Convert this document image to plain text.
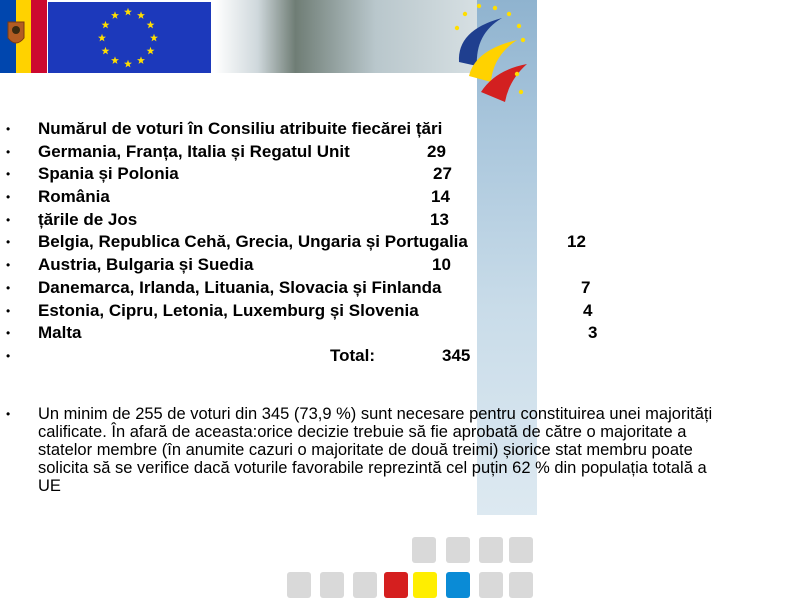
• Numărul de voturi în Consiliu atribuite fiecărei țări
• Germania, Franța, Italia și Regatul Unit	29
• Spania și Polonia	27
• România	14
• țările de Jos	13
• Belgia, Republica Cehă, Grecia, Ungaria și Portugalia	12
• Austria, Bulgaria și Suedia	10
• Danemarca, Irlanda, Lituania, Slovacia și Finlanda	7
• Estonia, Cipru, Letonia, Luxemburg și Slovenia	4
• Malta	3
•	Total:	345
• Un minim de 255 de voturi din 345 (73,9 %) sunt necesare pentru constituirea unei majorități calificate. În afară de aceasta:orice decizie trebuie să fie aprobată de către o majoritate a statelor membre (în anumite cazuri o majoritate de două treimi) șiorice stat membru poate solicita să se verifice dacă voturile favorabile reprezintă cel puțin 62 % din populația totală a UE
